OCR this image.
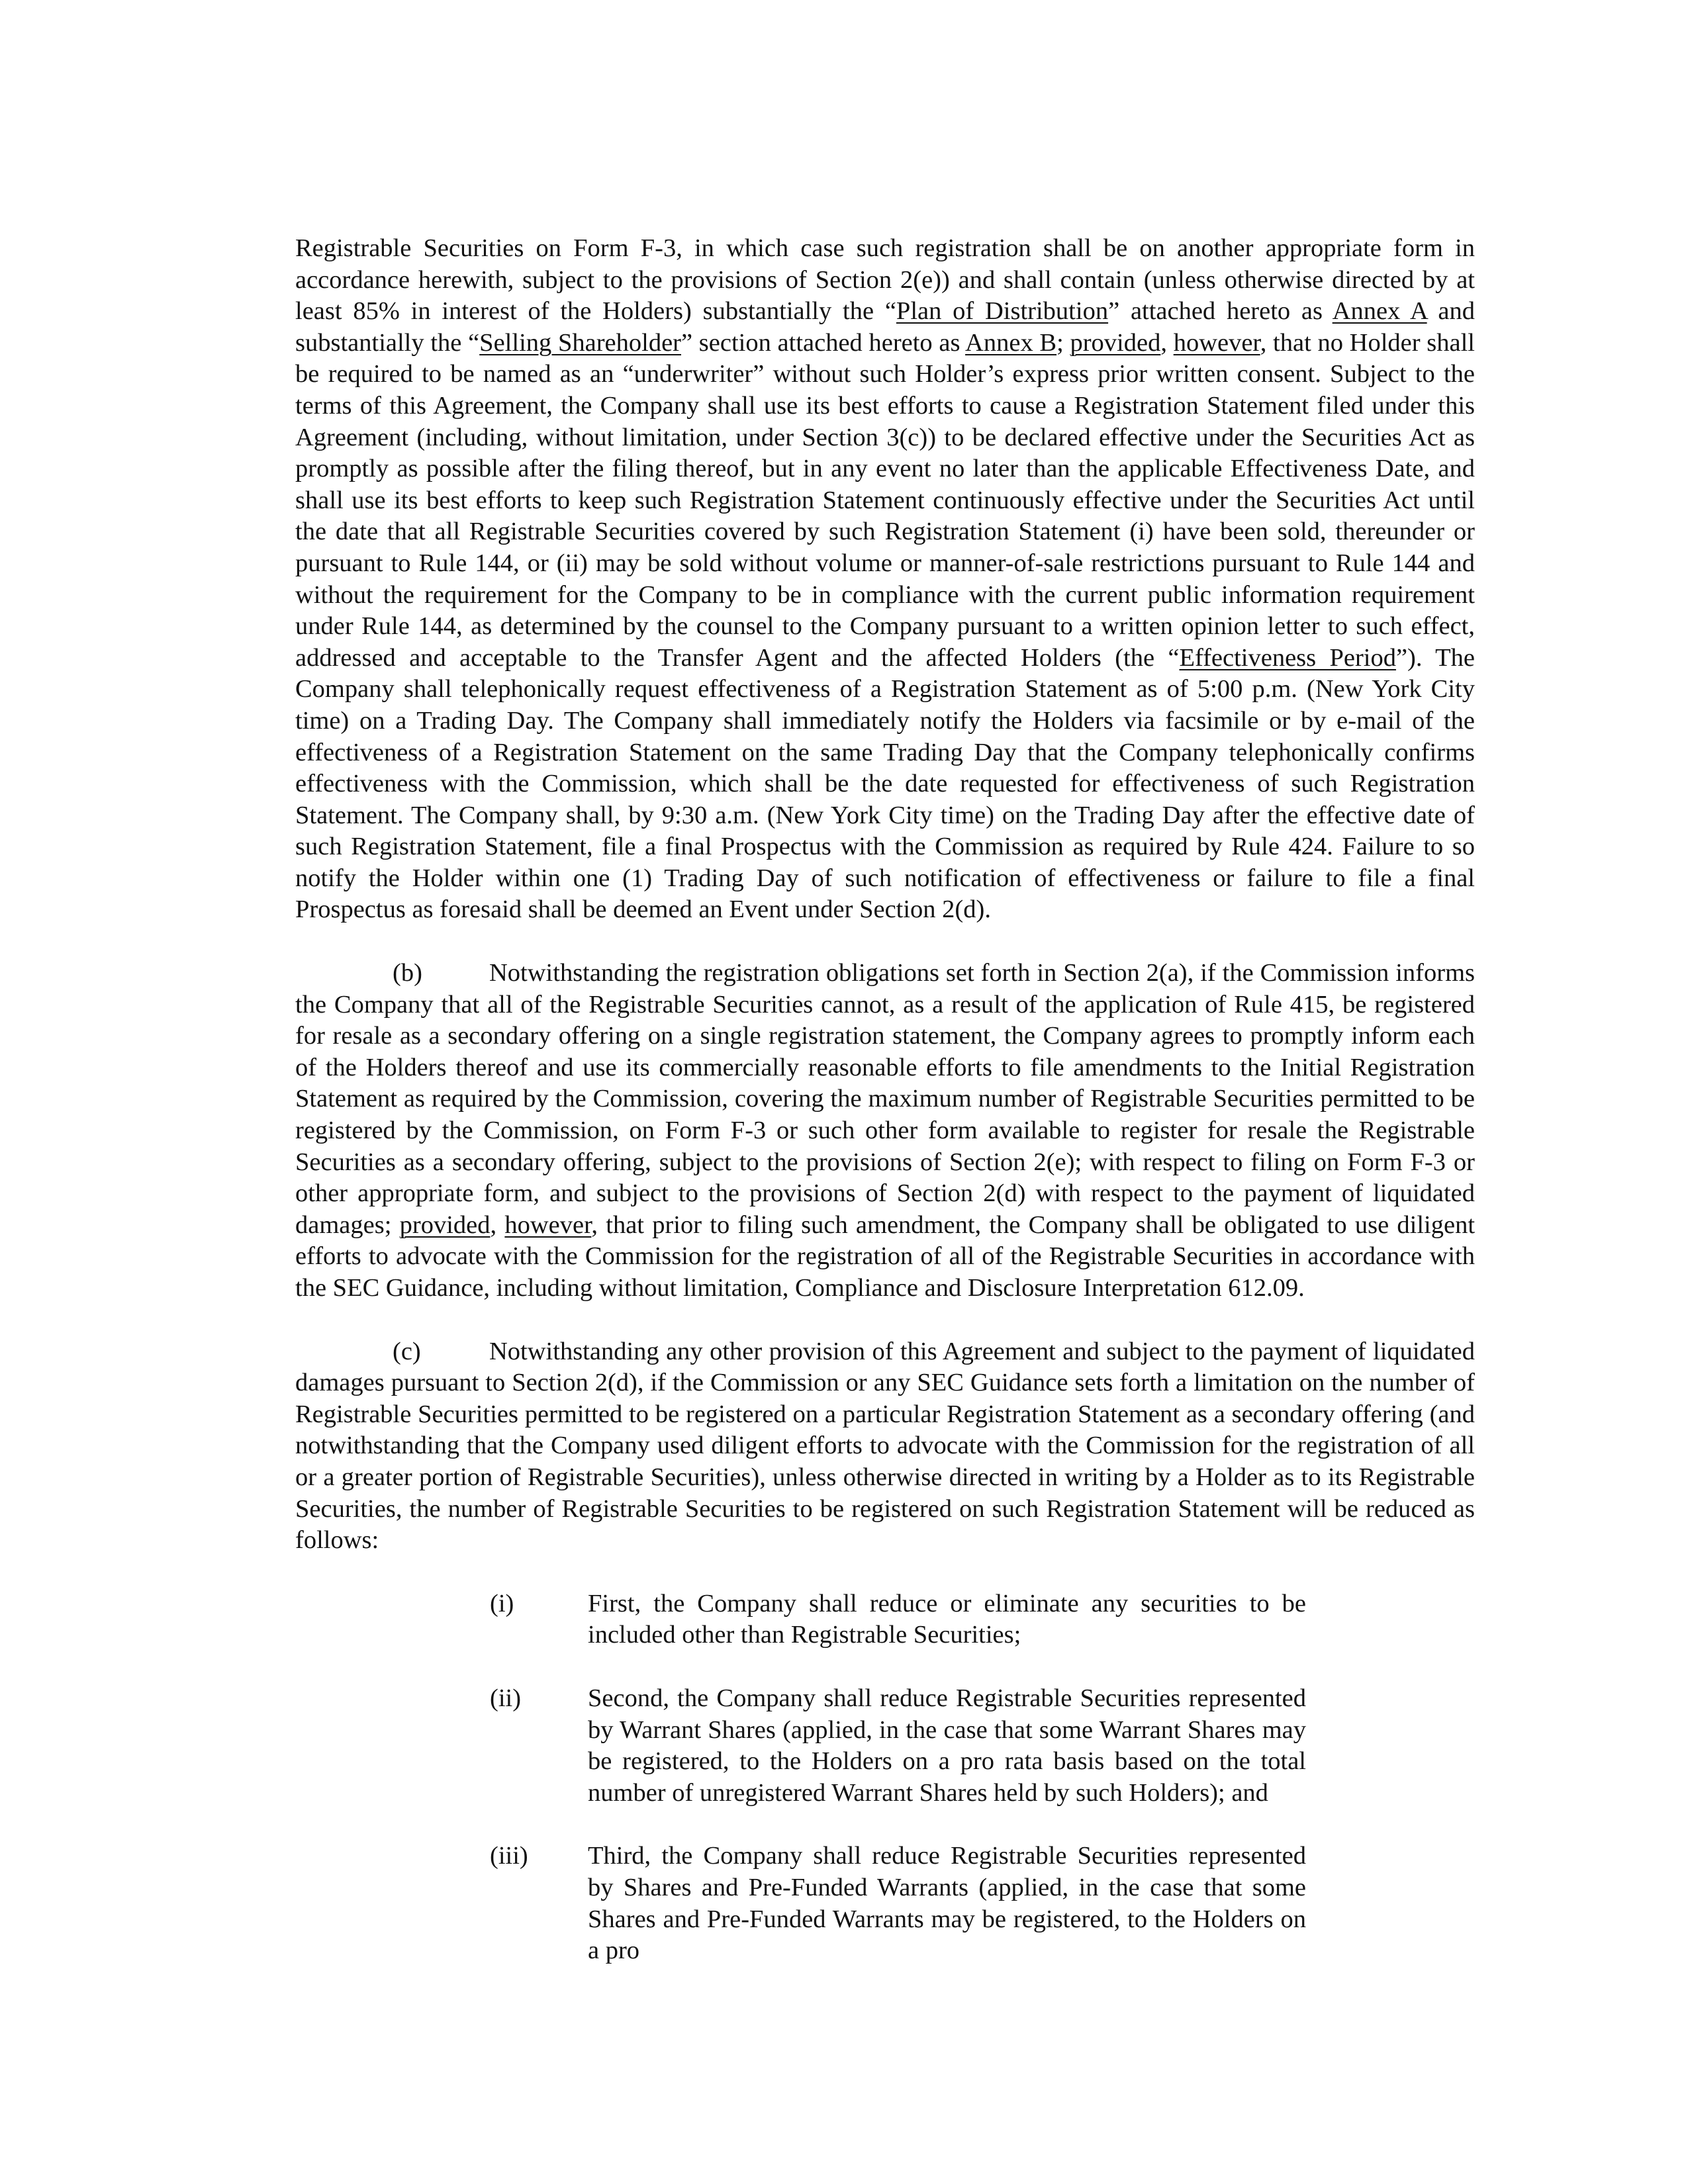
Registrable Securities on Form F-3, in which case such registration shall be on another appropriate form in accordance herewith, subject to the provisions of Section 2(e)) and shall contain (unless otherwise directed by at least 85% in interest of the Holders) substantially the “Plan of Distribution” attached hereto as Annex A and substantially the “Selling Shareholder” section attached hereto as Annex B; provided, however, that no Holder shall be required to be named as an “underwriter” without such Holder’s express prior written consent. Subject to the terms of this Agreement, the Company shall use its best efforts to cause a Registration Statement filed under this Agreement (including, without limitation, under Section 3(c)) to be declared effective under the Securities Act as promptly as possible after the filing thereof, but in any event no later than the applicable Effectiveness Date, and shall use its best efforts to keep such Registration Statement continuously effective under the Securities Act until the date that all Registrable Securities covered by such Registration Statement (i) have been sold, thereunder or pursuant to Rule 144, or (ii) may be sold without volume or manner-of-sale restrictions pursuant to Rule 144 and without the requirement for the Company to be in compliance with the current public information requirement under Rule 144, as determined by the counsel to the Company pursuant to a written opinion letter to such effect, addressed and acceptable to the Transfer Agent and the affected Holders (the “Effectiveness Period”). The Company shall telephonically request effectiveness of a Registration Statement as of 5:00 p.m. (New York City time) on a Trading Day. The Company shall immediately notify the Holders via facsimile or by e-mail of the effectiveness of a Registration Statement on the same Trading Day that the Company telephonically confirms effectiveness with the Commission, which shall be the date requested for effectiveness of such Registration Statement. The Company shall, by 9:30 a.m. (New York City time) on the Trading Day after the effective date of such Registration Statement, file a final Prospectus with the Commission as required by Rule 424. Failure to so notify the Holder within one (1) Trading Day of such notification of effectiveness or failure to file a final Prospectus as foresaid shall be deemed an Event under Section 2(d).

(b)	Notwithstanding the registration obligations set forth in Section 2(a), if the Commission informs the Company that all of the Registrable Securities cannot, as a result of the application of Rule 415, be registered for resale as a secondary offering on a single registration statement, the Company agrees to promptly inform each of the Holders thereof and use its commercially reasonable efforts to file amendments to the Initial Registration Statement as required by the Commission, covering the maximum number of Registrable Securities permitted to be registered by the Commission, on Form F-3 or such other form available to register for resale the Registrable Securities as a secondary offering, subject to the provisions of Section 2(e); with respect to filing on Form F-3 or other appropriate form, and subject to the provisions of Section 2(d) with respect to the payment of liquidated damages; provided, however, that prior to filing such amendment, the Company shall be obligated to use diligent efforts to advocate with the Commission for the registration of all of the Registrable Securities in accordance with the SEC Guidance, including without limitation, Compliance and Disclosure Interpretation 612.09.

(c)	Notwithstanding any other provision of this Agreement and subject to the payment of liquidated damages pursuant to Section 2(d), if the Commission or any SEC Guidance sets forth a limitation on the number of Registrable Securities permitted to be registered on a particular Registration Statement as a secondary offering (and notwithstanding that the Company used diligent efforts to advocate with the Commission for the registration of all or a greater portion of Registrable Securities), unless otherwise directed in writing by a Holder as to its Registrable Securities, the number of Registrable Securities to be registered on such Registration Statement will be reduced as follows:

(i)	First, the Company shall reduce or eliminate any securities to be included other than Registrable Securities;
(ii)	Second, the Company shall reduce Registrable Securities represented by Warrant Shares (applied, in the case that some Warrant Shares may be registered, to the Holders on a pro rata basis based on the total number of unregistered Warrant Shares held by such Holders); and
(iii) Third, the Company shall reduce Registrable Securities represented by Shares and Pre-Funded Warrants (applied, in the case that some Shares and Pre-Funded Warrants may be registered, to the Holders on a pro
